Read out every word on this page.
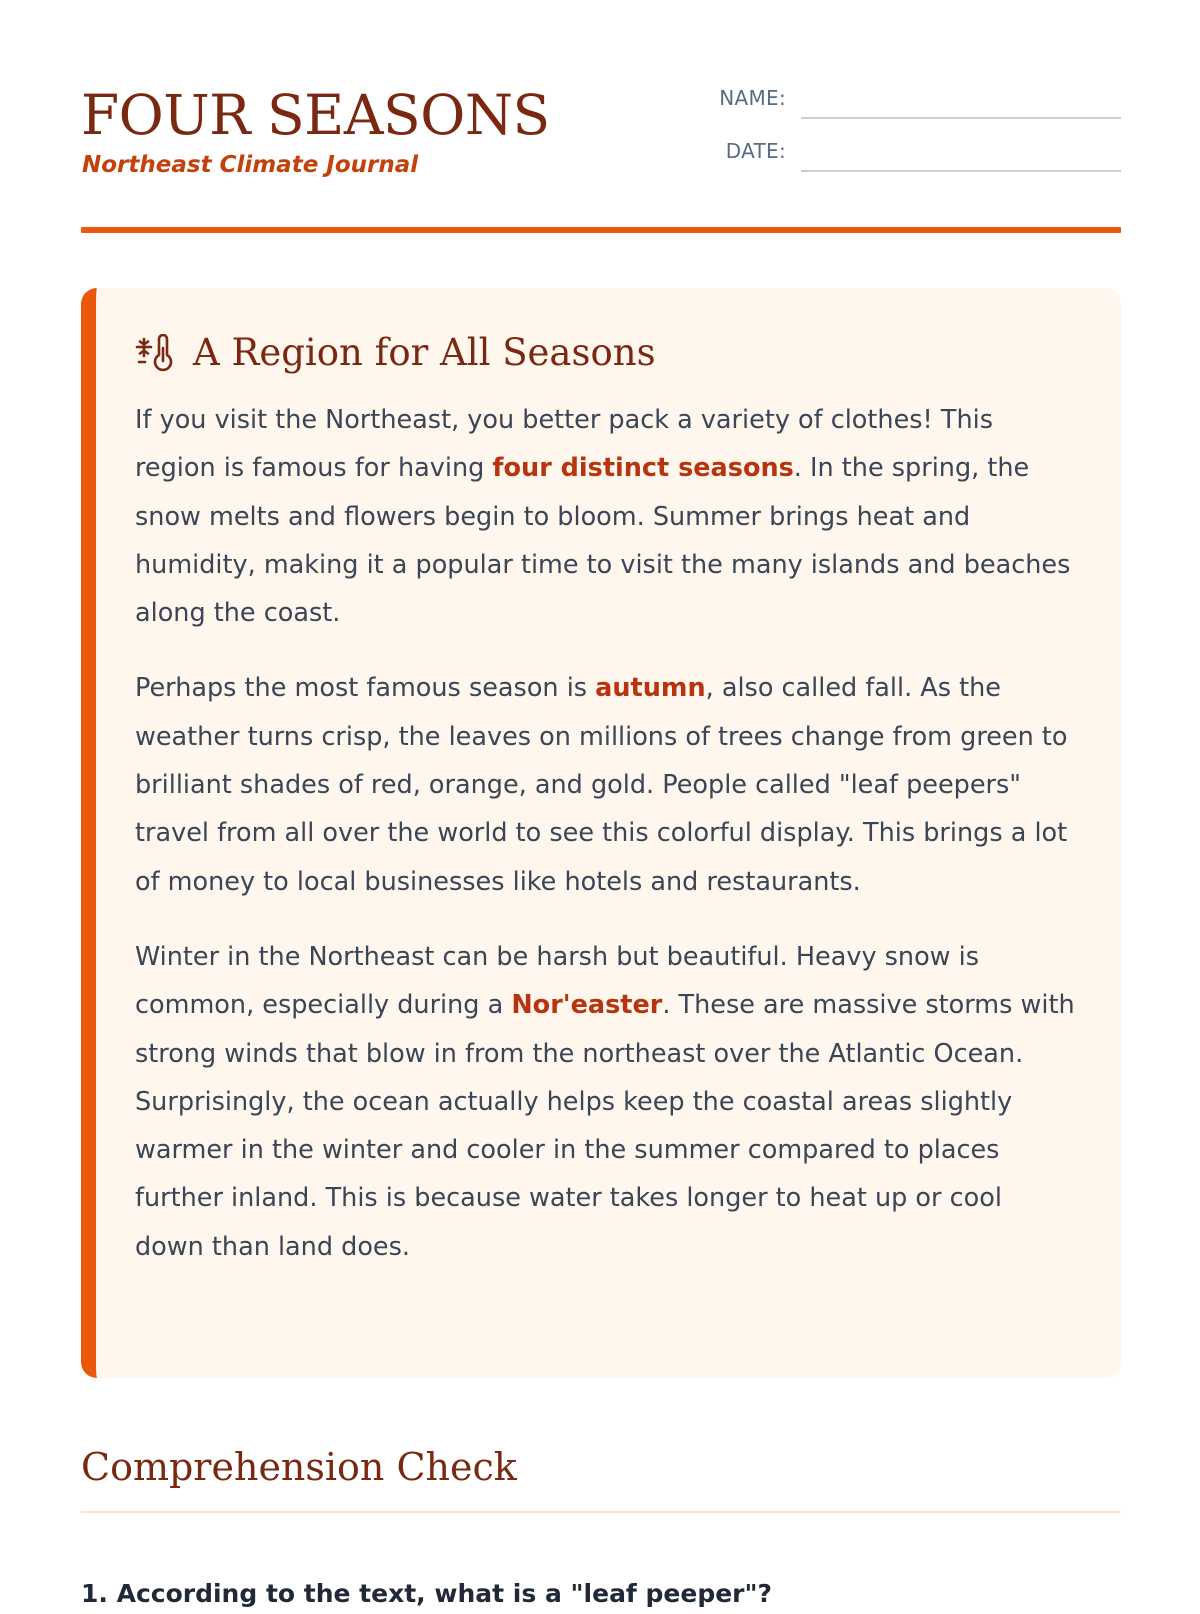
FOUR SEASONS
Northeast Climate Journal
NAME:
DATE:
A Region for All Seasons

If you visit the Northeast, you better pack a variety of clothes! This region is famous for having four distinct seasons. In the spring, the snow melts and flowers begin to bloom. Summer brings heat and humidity, making it a popular time to visit the many islands and beaches along the coast.

Perhaps the most famous season is autumn, also called fall. As the weather turns crisp, the leaves on millions of trees change from green to brilliant shades of red, orange, and gold. People called "leaf peepers" travel from all over the world to see this colorful display. This brings a lot of money to local businesses like hotels and restaurants.

Winter in the Northeast can be harsh but beautiful. Heavy snow is common, especially during a Nor'easter. These are massive storms with strong winds that blow in from the northeast over the Atlantic Ocean. Surprisingly, the ocean actually helps keep the coastal areas slightly warmer in the winter and cooler in the summer compared to places further inland. This is because water takes longer to heat up or cool down than land does.

Comprehension Check
1. According to the text, what is a "leaf peeper"?
